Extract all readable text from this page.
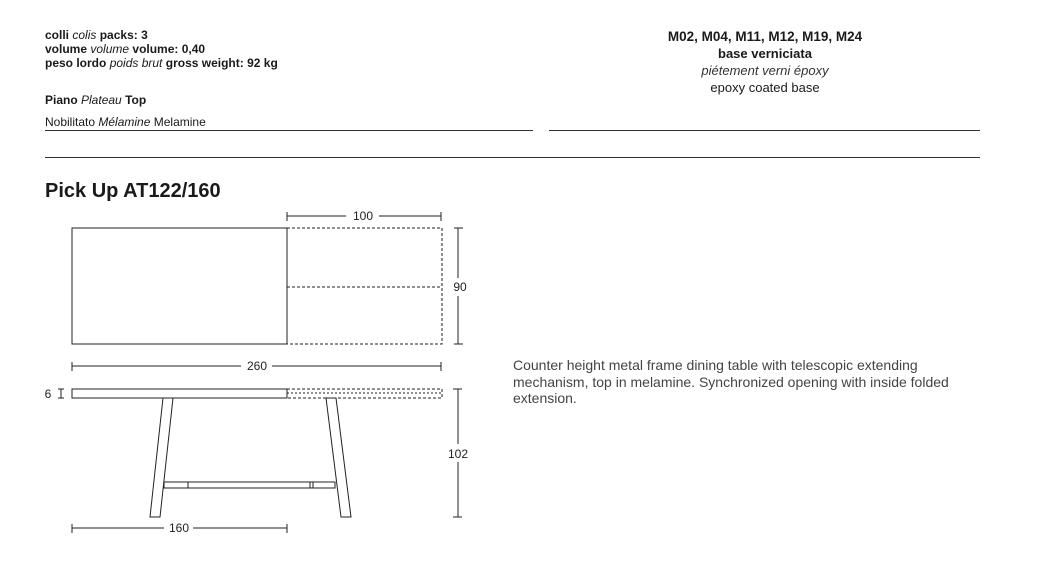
colli colis packs: 3
volume volume volume: 0,40
peso lordo poids brut gross weight: 92 kg
Piano Plateau Top
Nobilitato Mélamine Melamine
M02, M04, M11, M12, M19, M24
base verniciata
piétement verni époxy
epoxy coated base
Pick Up AT122/160
100
90
260
6
102
160
Counter height metal frame dining table with telescopic extending mechanism, top in melamine. Synchronized opening with inside folded extension.
